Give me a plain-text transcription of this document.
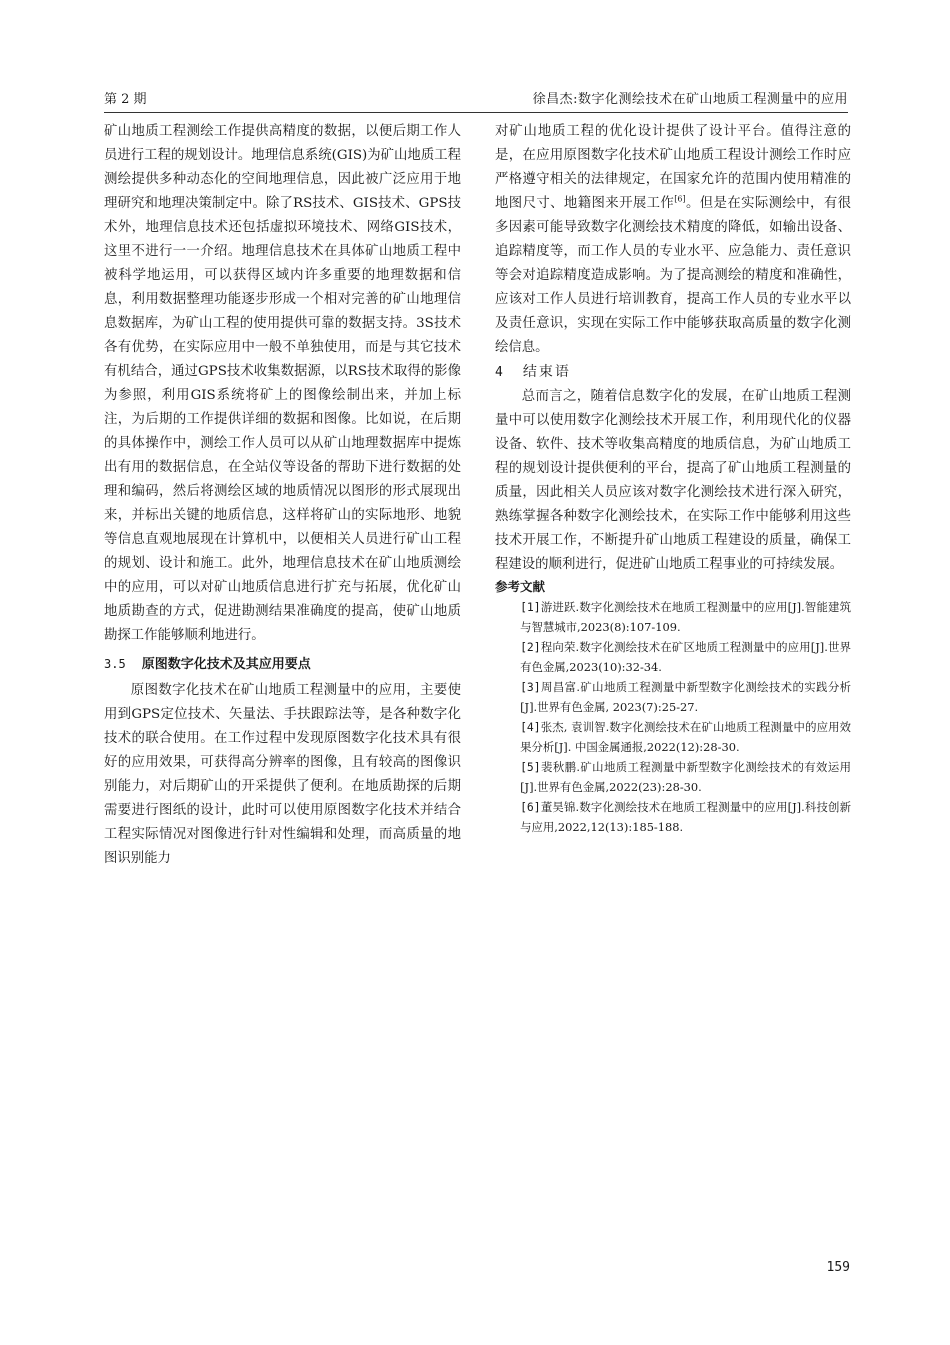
第 2 期	徐昌杰:数字化测绘技术在矿山地质工程测量中的应用

矿山地质工程测绘工作提供高精度的数据，以便后期工作人员进行工程的规划设计。地理信息系统(GIS)为矿山地质工程测绘提供多种动态化的空间地理信息，因此被广泛应用于地理研究和地理决策制定中。除了RS技术、GIS技术、GPS技术外，地理信息技术还包括虚拟环境技术、网络GIS技术，这里不进行一一介绍。地理信息技术在具体矿山地质工程中被科学地运用，可以获得区域内许多重要的地理数据和信息，利用数据整理功能逐步形成一个相对完善的矿山地理信息数据库，为矿山工程的使用提供可靠的数据支持。3S技术各有优势，在实际应用中一般不单独使用，而是与其它技术有机结合，通过GPS技术收集数据源，以RS技术取得的影像为参照，利用GIS系统将矿上的图像绘制出来，并加上标注，为后期的工作提供详细的数据和图像。比如说，在后期的具体操作中，测绘工作人员可以从矿山地理数据库中提炼出有用的数据信息，在全站仪等设备的帮助下进行数据的处理和编码，然后将测绘区域的地质情况以图形的形式展现出来，并标出关键的地质信息，这样将矿山的实际地形、地貌等信息直观地展现在计算机中，以便相关人员进行矿山工程的规划、设计和施工。此外，地理信息技术在矿山地质测绘中的应用，可以对矿山地质信息进行扩充与拓展，优化矿山地质勘查的方式，促进勘测结果准确度的提高，使矿山地质勘探工作能够顺利地进行。

3.5 原图数字化技术及其应用要点

原图数字化技术在矿山地质工程测量中的应用，主要使用到GPS定位技术、矢量法、手扶跟踪法等，是各种数字化技术的联合使用。在工作过程中发现原图数字化技术具有很好的应用效果，可获得高分辨率的图像，且有较高的图像识别能力，对后期矿山的开采提供了便利。在地质勘探的后期需要进行图纸的设计，此时可以使用原图数字化技术并结合工程实际情况对图像进行针对性编辑和处理，而高质量的地图识别能力

对矿山地质工程的优化设计提供了设计平台。值得注意的是，在应用原图数字化技术矿山地质工程设计测绘工作时应严格遵守相关的法律规定，在国家允许的范围内使用精准的地图尺寸、地籍图来开展工作[6]。但是在实际测绘中，有很多因素可能导致数字化测绘技术精度的降低，如输出设备、追踪精度等，而工作人员的专业水平、应急能力、责任意识等会对追踪精度造成影响。为了提高测绘的精度和准确性，应该对工作人员进行培训教育，提高工作人员的专业水平以及责任意识，实现在实际工作中能够获取高质量的数字化测绘信息。

4 结束语

总而言之，随着信息数字化的发展，在矿山地质工程测量中可以使用数字化测绘技术开展工作，利用现代化的仪器设备、软件、技术等收集高精度的地质信息，为矿山地质工程的规划设计提供便利的平台，提高了矿山地质工程测量的质量，因此相关人员应该对数字化测绘技术进行深入研究，熟练掌握各种数字化测绘技术，在实际工作中能够利用这些技术开展工作，不断提升矿山地质工程建设的质量，确保工程建设的顺利进行，促进矿山地质工程事业的可持续发展。

参考文献

[1]游进跃.数字化测绘技术在地质工程测量中的应用[J].智能建筑与智慧城市,2023(8):107-109.

[2]程向荣.数字化测绘技术在矿区地质工程测量中的应用[J].世界有色金属,2023(10):32-34.

[3]周昌富.矿山地质工程测量中新型数字化测绘技术的实践分析[J].世界有色金属, 2023(7):25-27.

[4]张杰, 袁训智.数字化测绘技术在矿山地质工程测量中的应用效果分析[J]. 中国金属通报,2022(12):28-30.

[5]裴秋鹏.矿山地质工程测量中新型数字化测绘技术的有效运用[J].世界有色金属,2022(23):28-30.

[6]董昊锦.数字化测绘技术在地质工程测量中的应用[J].科技创新与应用,2022,12(13):185-188.

159
